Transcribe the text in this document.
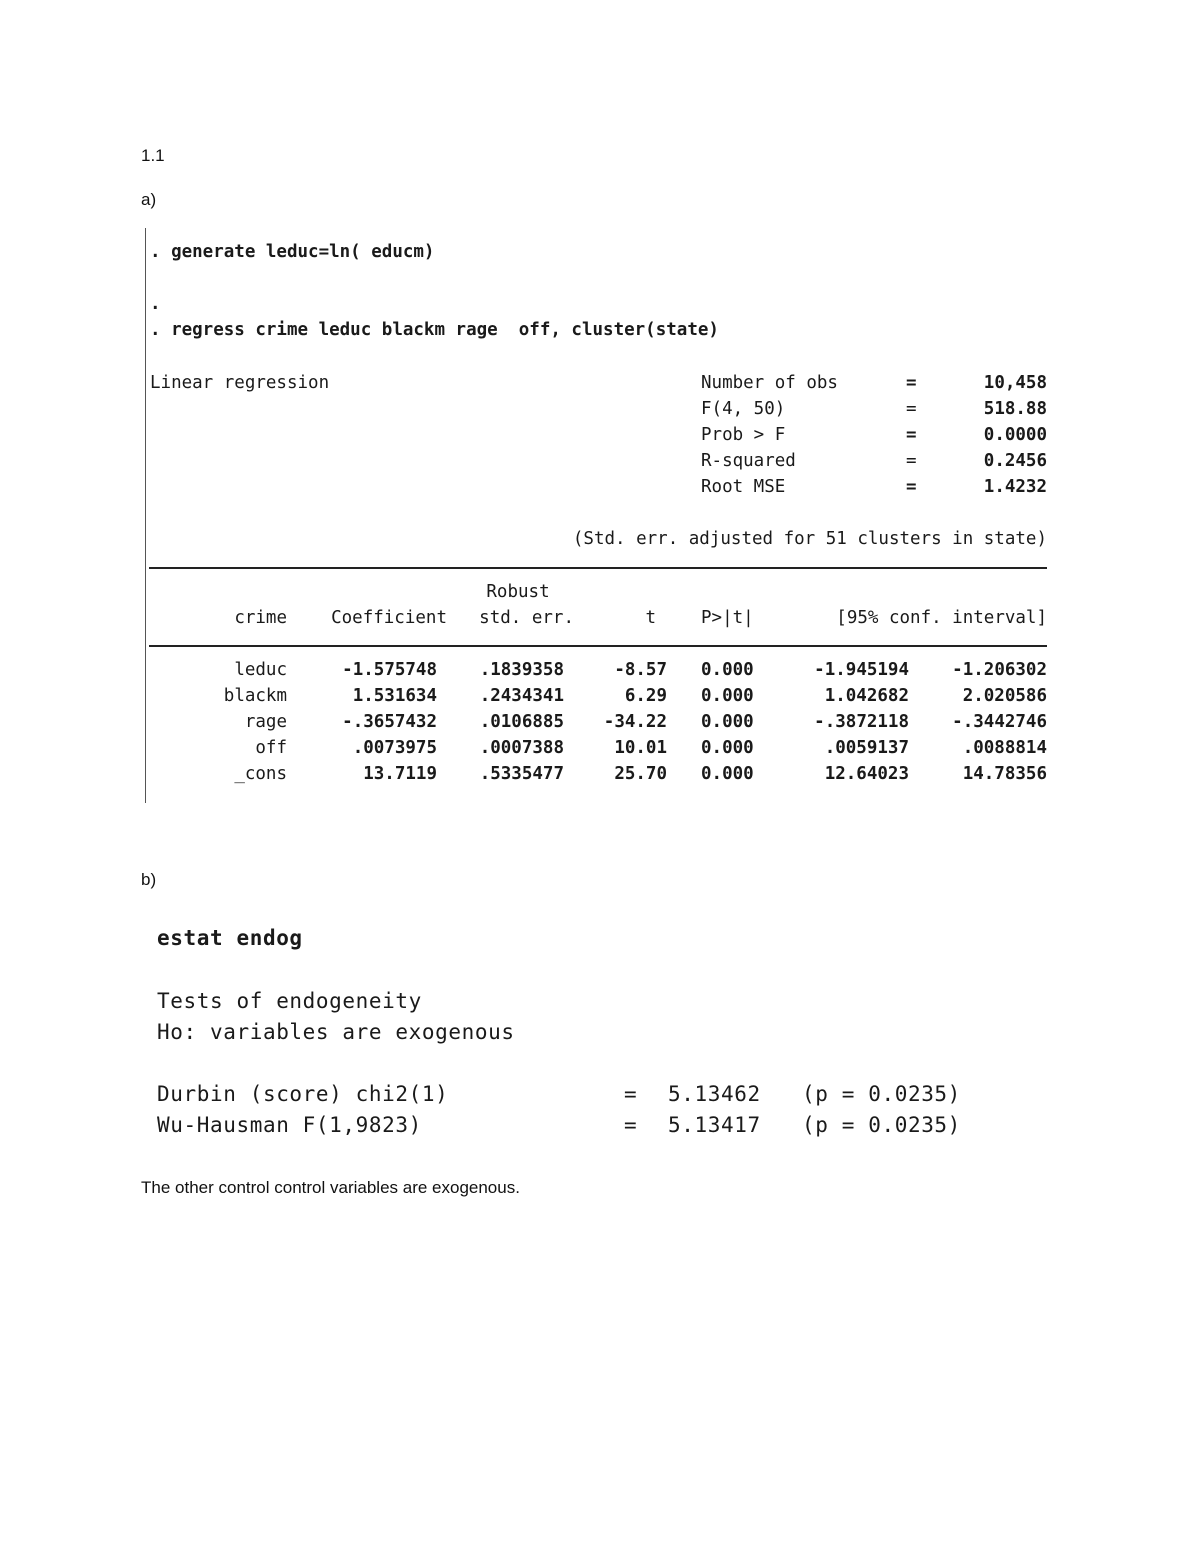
1.1
a)
. generate leduc=ln( educm)
.
. regress crime leduc blackm rage  off, cluster(state)
Linear regression	Number of obs	=	10,458
F(4, 50)	=	518.88
Prob > F	=	0.0000
R-squared	=	0.2456
Root MSE	=	1.4232
(Std. err. adjusted for 51 clusters in state)
Robust
crime	Coefficient	std. err.	t	P>|t|	[95% conf. interval]
leduc	-1.575748	.1839358	-8.57 0.000	-1.945194	-1.206302
blackm	1.531634	.2434341	6.29 0.000	1.042682	2.020586
rage	-.3657432	.0106885	-34.22 0.000	-.3872118	-.3442746
off	.0073975	.0007388	10.01 0.000	.0059137	.0088814
_cons	13.7119	.5335477	25.70 0.000	12.64023	14.78356
b)
estat endog
Tests of endogeneity
Ho: variables are exogenous
Durbin (score) chi2(1)	= 5.13462 (p = 0.0235)
Wu-Hausman F(1,9823)	= 5.13417 (p = 0.0235)
The other control control variables are exogenous.
